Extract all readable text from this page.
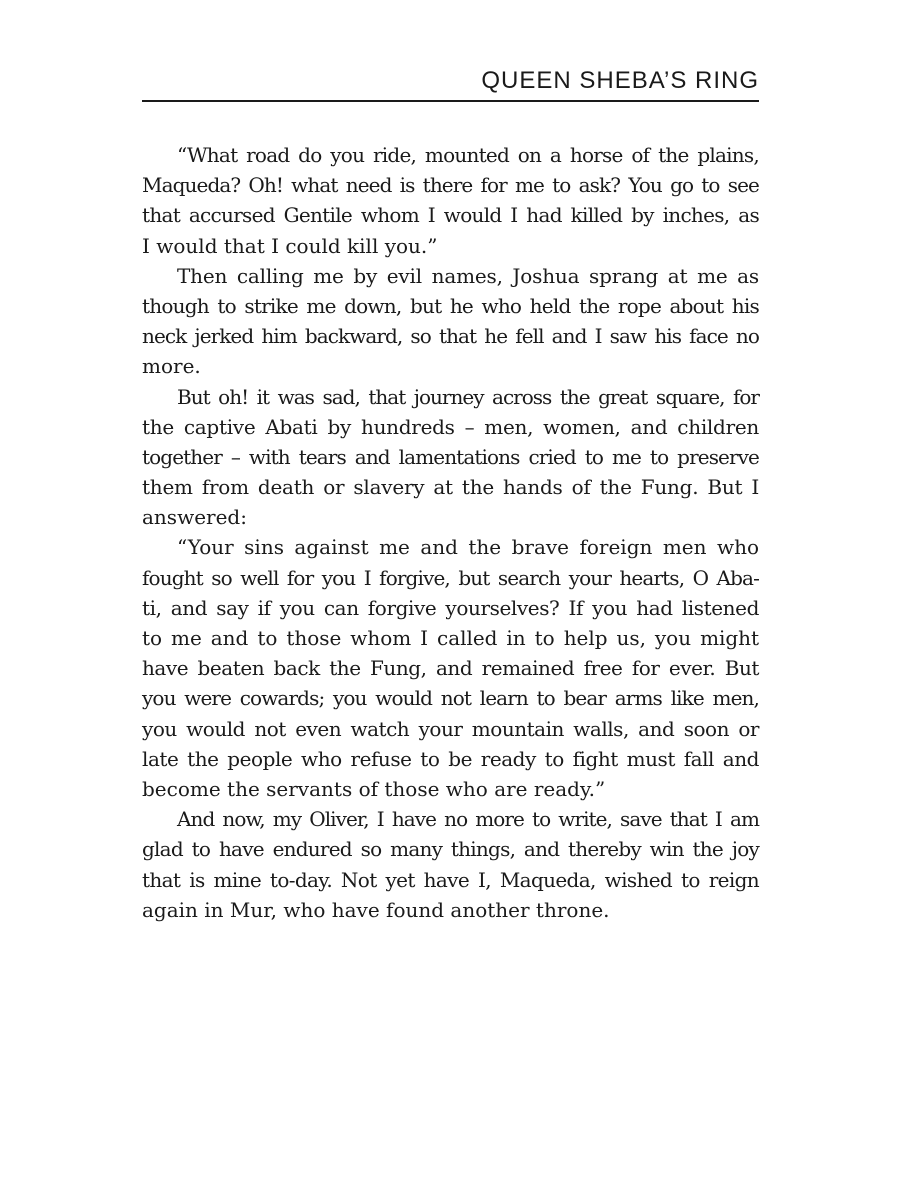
QUEEN SHEBA’S RING
“What road do you ride, mounted on a horse of the plains,
Maqueda? Oh! what need is there for me to ask? You go to see
that accursed Gentile whom I would I had killed by inches, as
I would that I could kill you.”
Then calling me by evil names, Joshua sprang at me as
though to strike me down, but he who held the rope about his
neck jerked him backward, so that he fell and I saw his face no
more.
But oh! it was sad, that journey across the great square, for
the captive Abati by hundreds – men, women, and children
together – with tears and lamentations cried to me to preserve
them from death or slavery at the hands of the Fung. But I
answered:
“Your sins against me and the brave foreign men who
fought so well for you I forgive, but search your hearts, O Aba-
ti, and say if you can forgive yourselves? If you had listened
to me and to those whom I called in to help us, you might
have beaten back the Fung, and remained free for ever. But
you were cowards; you would not learn to bear arms like men,
you would not even watch your mountain walls, and soon or
late the people who refuse to be ready to fight must fall and
become the servants of those who are ready.”
And now, my Oliver, I have no more to write, save that I am
glad to have endured so many things, and thereby win the joy
that is mine to-day. Not yet have I, Maqueda, wished to reign
again in Mur, who have found another throne.
